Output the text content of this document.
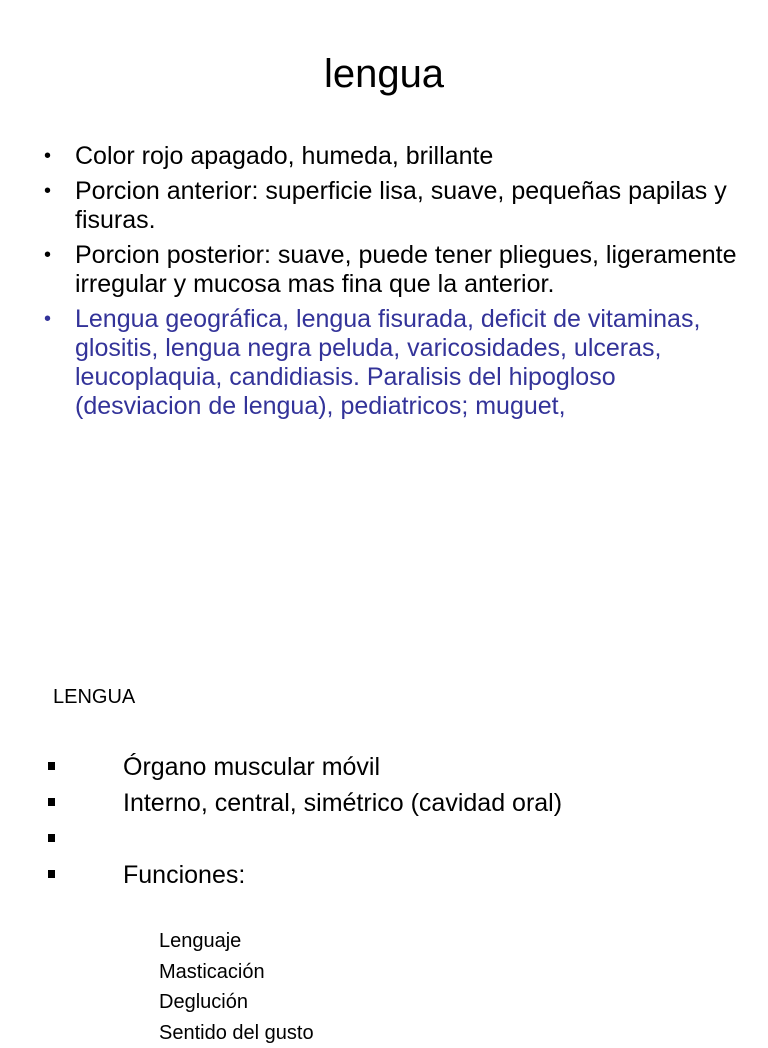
lengua
• Color rojo apagado, humeda, brillante
• Porcion anterior: superficie lisa, suave, pequeñas papilas y fisuras.
• Porcion posterior: suave, puede tener pliegues, ligeramente irregular y mucosa mas fina que la anterior.
• Lengua geográfica, lengua fisurada, deficit de vitaminas, glositis, lengua negra peluda, varicosidades, ulceras, leucoplaquia, candidiasis. Paralisis del hipogloso (desviacion de lengua), pediatricos; muguet,
LENGUA
Órgano muscular móvil
Interno, central, simétrico (cavidad oral)
Funciones:
Lenguaje
Masticación
Deglución
Sentido del gusto
